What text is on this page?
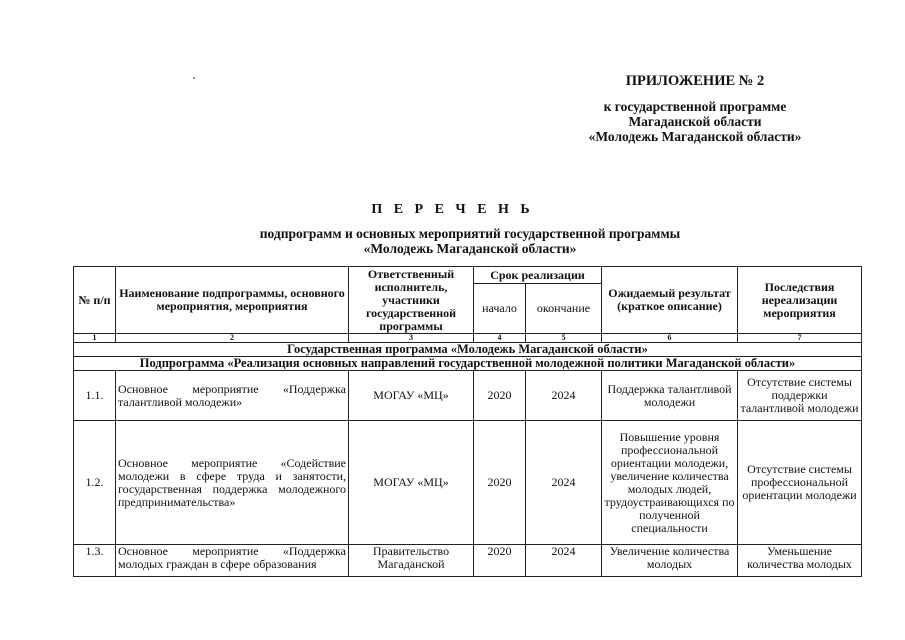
ПРИЛОЖЕНИЕ № 2
к государственной программе
Магаданской области
«Молодежь Магаданской области»
П Е Р Е Ч Е Н Ь
подпрограмм и основных мероприятий государственной программы
«Молодежь Магаданской области»
№ п/п	Наименование подпрограммы, основного мероприятия, мероприятия	Ответственный исполнитель, участники государственной программы	Срок реализации		Ожидаемый результат (краткое описание)	Последствия нереализации мероприятия
			начало	окончание		
1	2	3	4	5	6	7
Государственная программа «Молодежь Магаданской области»						
Подпрограмма «Реализация основных направлений государственной молодежной политики Магаданской области»						
1.1.	Основное мероприятие «Поддержка талантливой молодежи»	МОГАУ «МЦ»	2020	2024	Поддержка талантливой молодежи	Отсутствие системы поддержки талантливой молодежи
1.2.	Основное мероприятие «Содействие молодежи в сфере труда и занятости, государственная поддержка молодежного предпринимательства»	МОГАУ «МЦ»	2020	2024	Повышение уровня профессиональной ориентации молодежи, увеличение количества молодых людей, трудоустраивающихся по полученной специальности	Отсутствие системы профессиональной ориентации молодежи
1.3.	Основное мероприятие «Поддержка молодых граждан в сфере образования	Правительство Магаданской	2020	2024	Увеличение количества молодых	Уменьшение количества молодых
